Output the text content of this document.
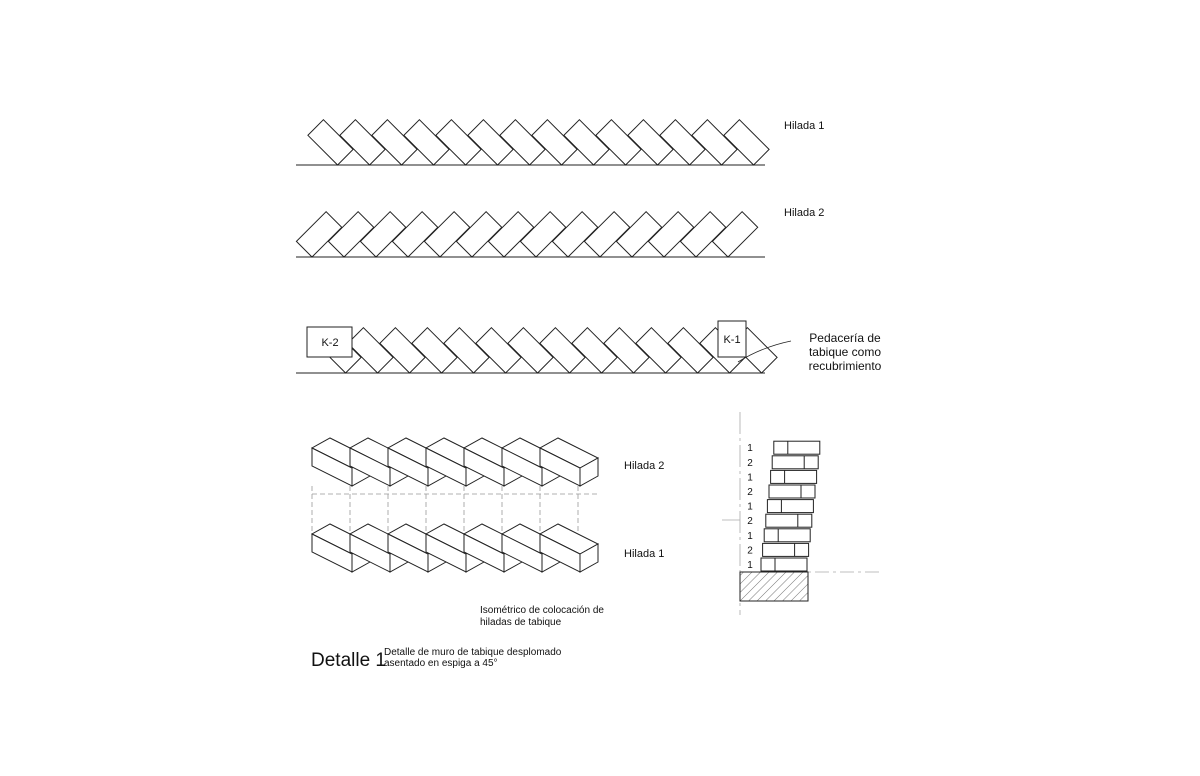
Hilada 1
Hilada 2
K-2	K-1	Pedacería de
tabique como
recubrimiento
Hilada 2
Hilada 1
Isométrico de colocación de
hiladas de tabique
1
2
1
2
1
2
1
2
1
Detalle 1
Detalle de muro de tabique desplomado
asentado en espiga a 45°
